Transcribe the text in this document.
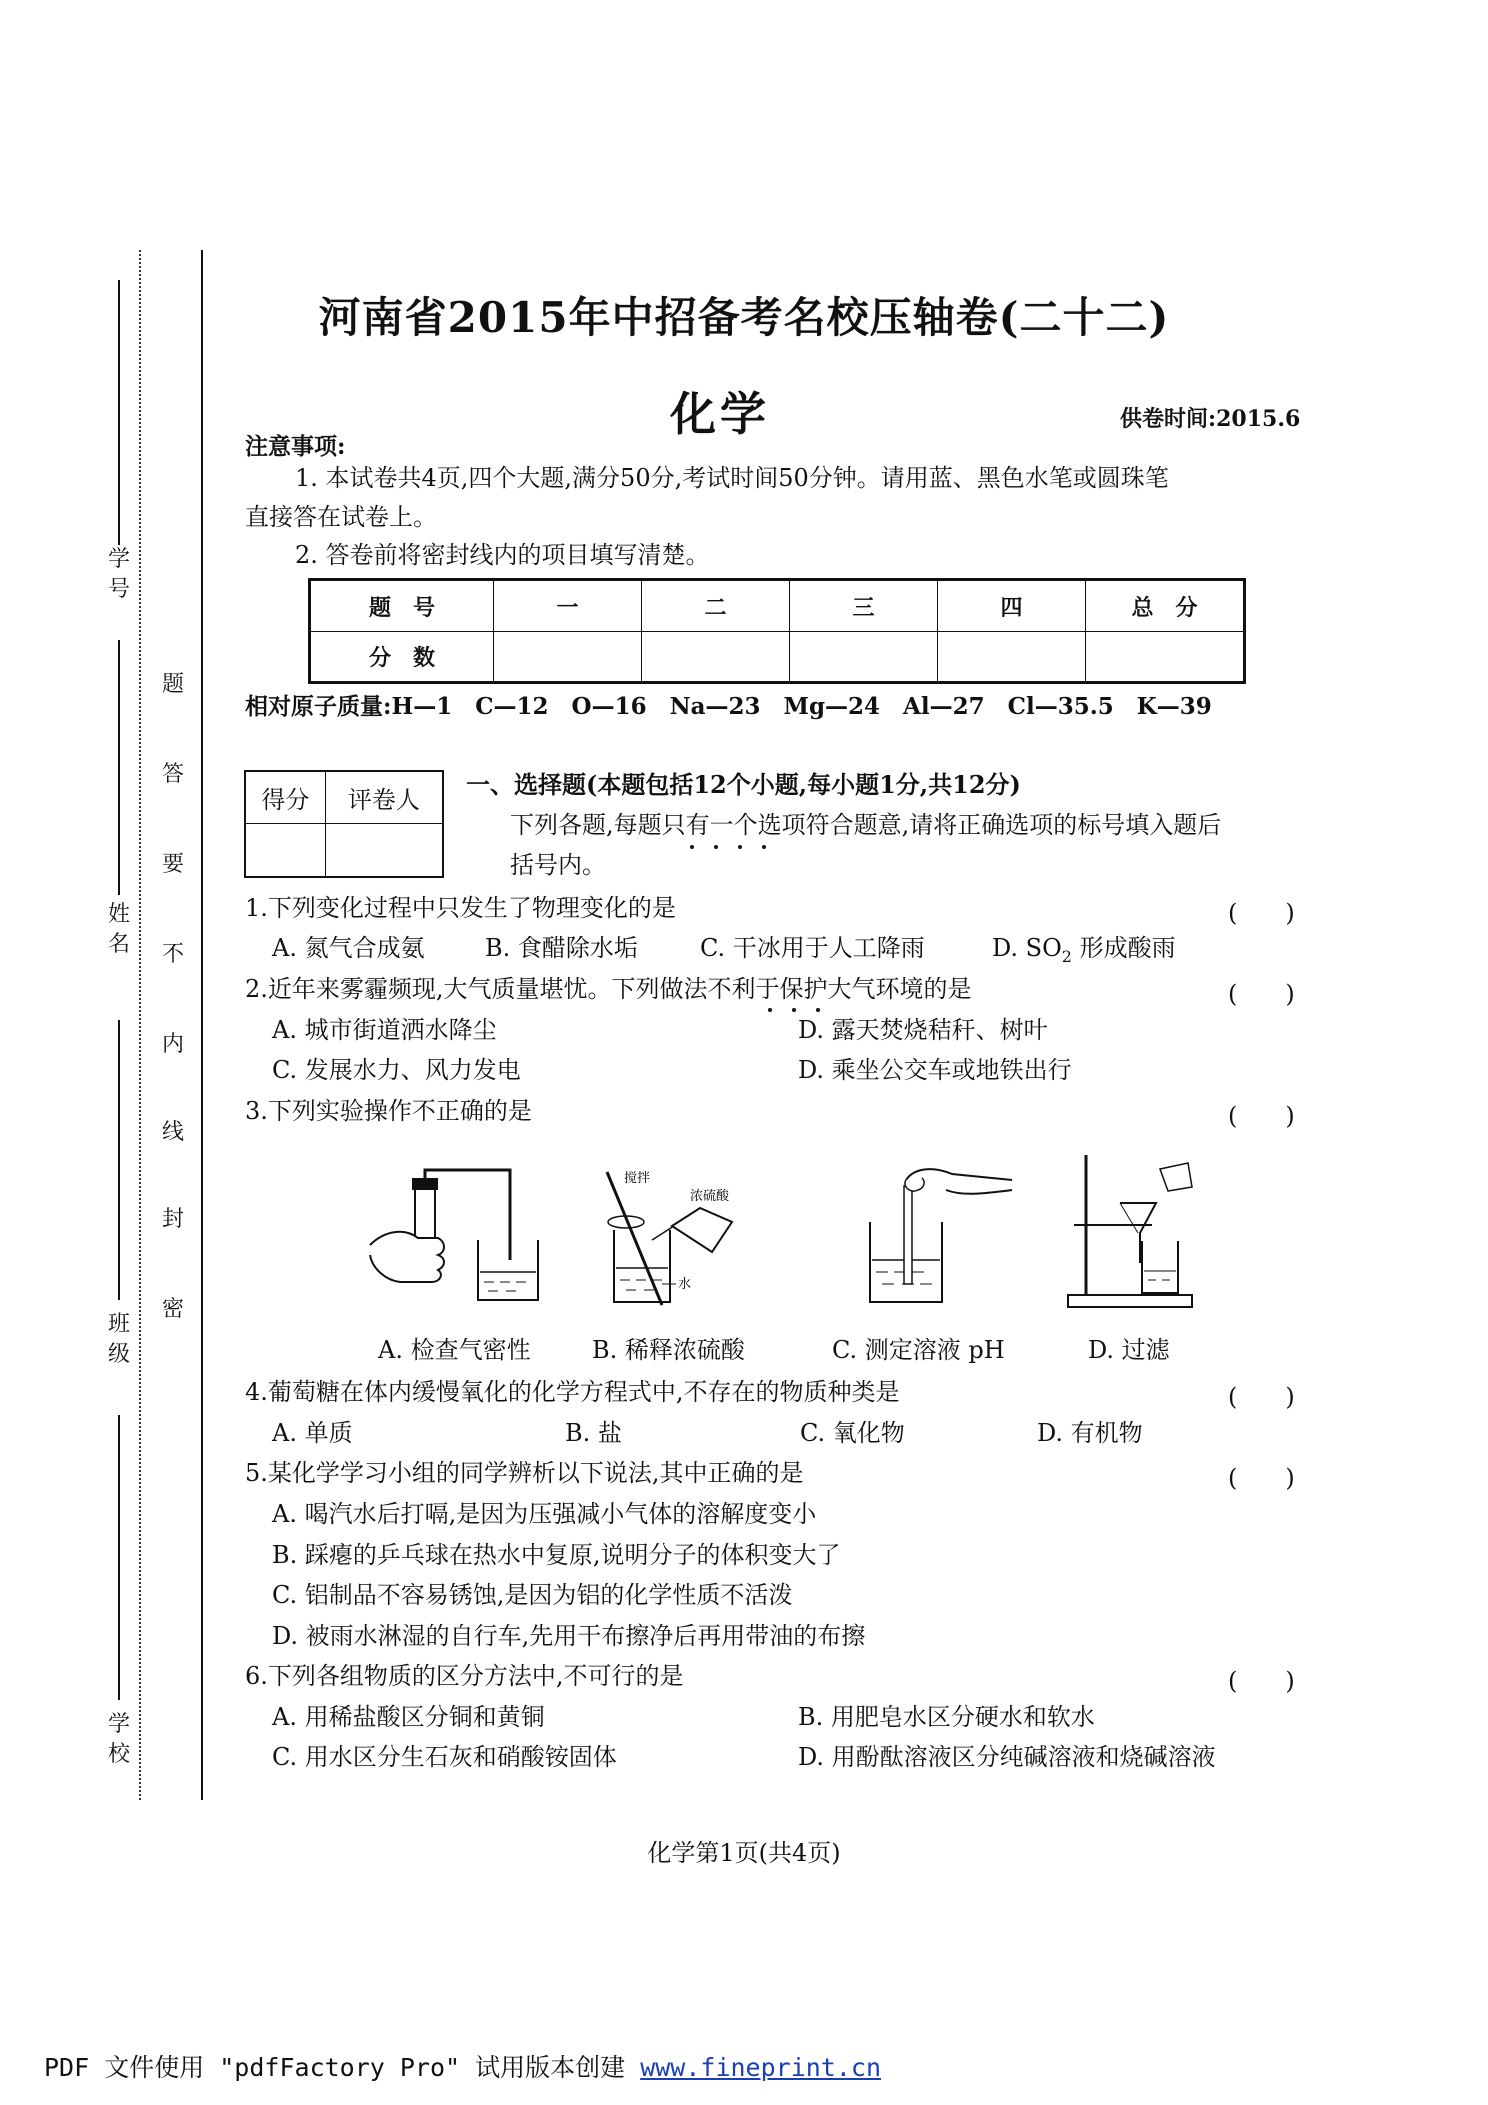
学号
姓名
班级
学校
密
封
线
内
不
要
答
题
河南省2015年中招备考名校压轴卷(二十二)
化学	供卷时间:2015.6
注意事项:
1. 本试卷共4页,四个大题,满分50分,考试时间50分钟。请用蓝、黑色水笔或圆珠笔
直接答在试卷上。
2. 答卷前将密封线内的项目填写清楚。
题　号	一	二	三	四	总　分
分　数					
相对原子质量:H—1　C—12　O—16　Na—23　Mg—24　Al—27　Cl—35.5　K—39
得分	评卷人

一、选择题(本题包括12个小题,每小题1分,共12分)
下列各题,每题只有一个选项符合题意,请将正确选项的标号填入题后
括号内。
1.下列变化过程中只发生了物理变化的是	(　　)
A. 氮气合成氨	B. 食醋除水垢	C. 干冰用于人工降雨	D. $SO_2$ 形成酸雨
2.近年来雾霾频现,大气质量堪忧。下列做法不利于保护大气环境的是	(　　)
A. 城市街道洒水降尘	D. 露天焚烧秸秆、树叶
C. 发展水力、风力发电	D. 乘坐公交车或地铁出行
3.下列实验操作不正确的是	(　　)
搅拌
浓硫酸
水
A. 检查气密性	B. 稀释浓硫酸	C. 测定溶液 pH	D. 过滤
4.葡萄糖在体内缓慢氧化的化学方程式中,不存在的物质种类是	(　　)
A. 单质	B. 盐	C. 氧化物	D. 有机物
5.某化学学习小组的同学辨析以下说法,其中正确的是	(　　)
A. 喝汽水后打嗝,是因为压强减小气体的溶解度变小
B. 踩瘪的乒乓球在热水中复原,说明分子的体积变大了
C. 铝制品不容易锈蚀,是因为铝的化学性质不活泼
D. 被雨水淋湿的自行车,先用干布擦净后再用带油的布擦
6.下列各组物质的区分方法中,不可行的是	(　　)
A. 用稀盐酸区分铜和黄铜	B. 用肥皂水区分硬水和软水
C. 用水区分生石灰和硝酸铵固体	D. 用酚酞溶液区分纯碱溶液和烧碱溶液
化学第1页(共4页)
PDF 文件使用 "pdfFactory Pro" 试用版本创建 www.fineprint.cn
